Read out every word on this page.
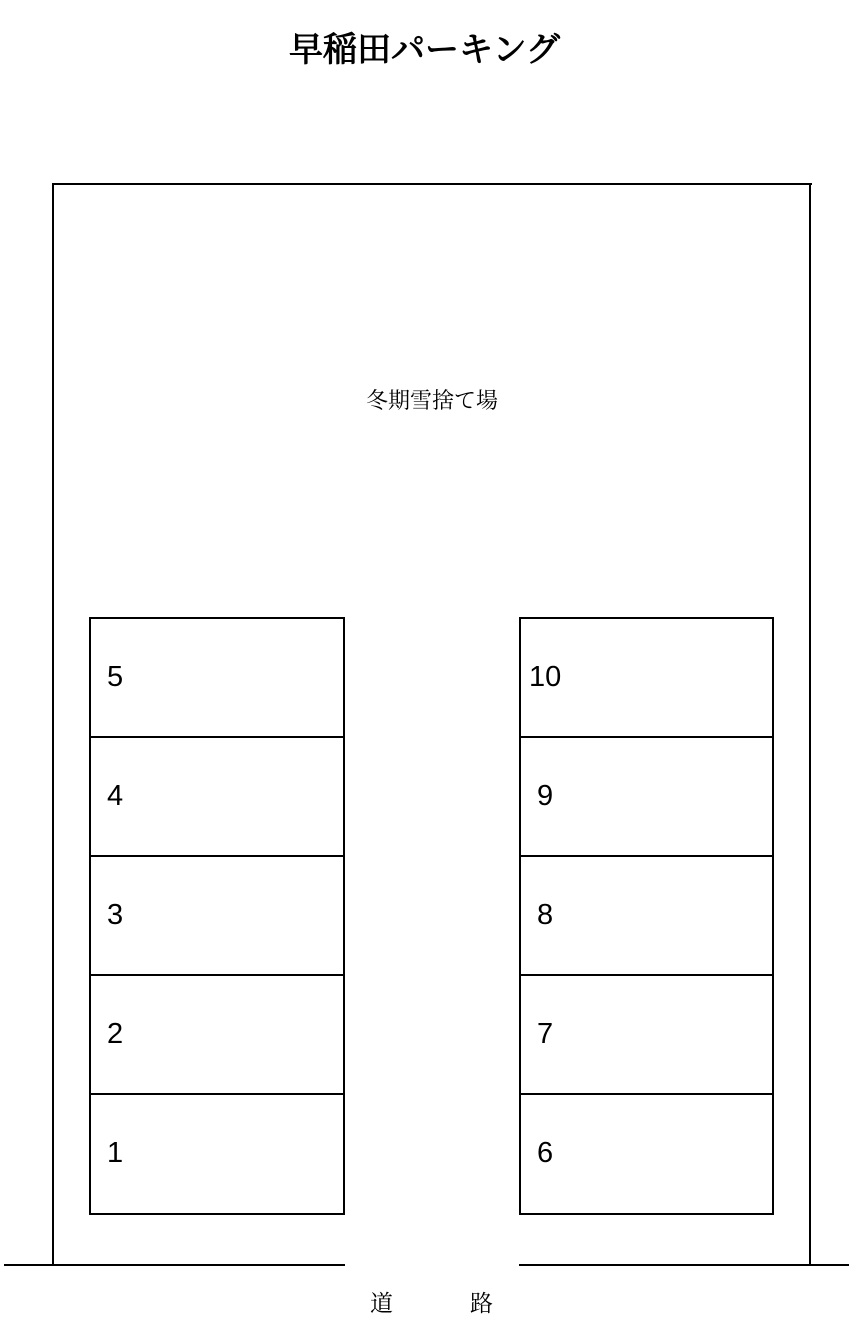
早稲田パーキング
冬期雪捨て場
5
4
3
2
1
10
9
8
7
6
道	路
